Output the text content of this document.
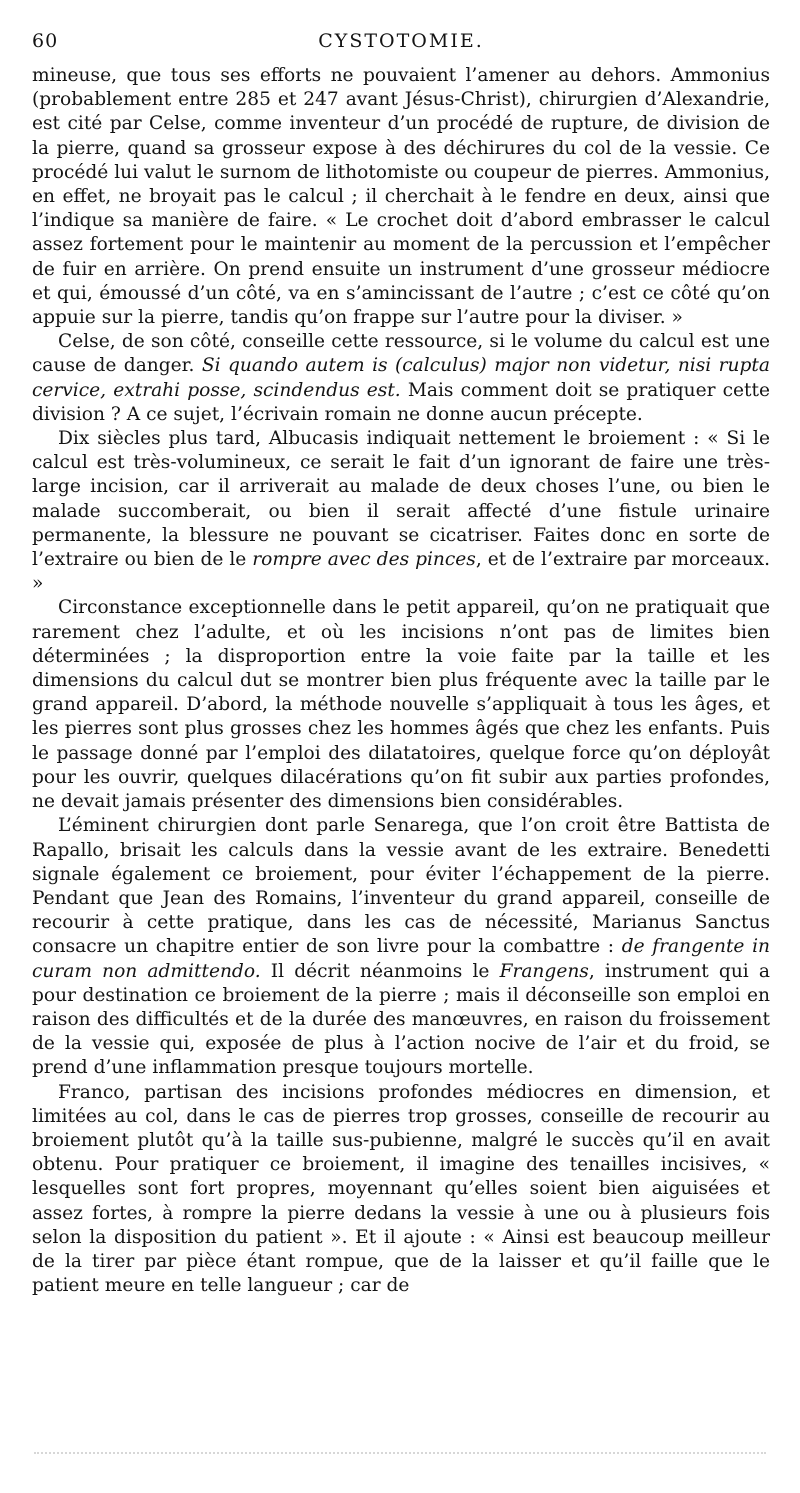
60	CYSTOTOMIE.

mineuse, que tous ses efforts ne pouvaient l’amener au dehors. Ammonius (probablement entre 285 et 247 avant Jésus-Christ), chirurgien d’Alexandrie, est cité par Celse, comme inventeur d’un procédé de rupture, de division de la pierre, quand sa grosseur expose à des déchirures du col de la vessie. Ce procédé lui valut le surnom de lithotomiste ou coupeur de pierres. Ammonius, en effet, ne broyait pas le calcul ; il cherchait à le fendre en deux, ainsi que l’indique sa manière de faire. « Le crochet doit d’abord embrasser le calcul assez fortement pour le maintenir au moment de la percussion et l’empêcher de fuir en arrière. On prend ensuite un instrument d’une grosseur médiocre et qui, émoussé d’un côté, va en s’amincissant de l’autre ; c’est ce côté qu’on appuie sur la pierre, tandis qu’on frappe sur l’autre pour la diviser. »

Celse, de son côté, conseille cette ressource, si le volume du calcul est une cause de danger. Si quando autem is (calculus) major non videtur, nisi rupta cervice, extrahi posse, scindendus est. Mais comment doit se pratiquer cette division ? A ce sujet, l’écrivain romain ne donne aucun précepte.

Dix siècles plus tard, Albucasis indiquait nettement le broiement : « Si le calcul est très-volumineux, ce serait le fait d’un ignorant de faire une très-large incision, car il arriverait au malade de deux choses l’une, ou bien le malade succomberait, ou bien il serait affecté d’une fistule urinaire permanente, la blessure ne pouvant se cicatriser. Faites donc en sorte de l’extraire ou bien de le rompre avec des pinces, et de l’extraire par morceaux. »

Circonstance exceptionnelle dans le petit appareil, qu’on ne pratiquait que rarement chez l’adulte, et où les incisions n’ont pas de limites bien déterminées ; la disproportion entre la voie faite par la taille et les dimensions du calcul dut se montrer bien plus fréquente avec la taille par le grand appareil. D’abord, la méthode nouvelle s’appliquait à tous les âges, et les pierres sont plus grosses chez les hommes âgés que chez les enfants. Puis le passage donné par l’emploi des dilatatoires, quelque force qu’on déployât pour les ouvrir, quelques dilacérations qu’on fit subir aux parties profondes, ne devait jamais présenter des dimensions bien considérables.

L’éminent chirurgien dont parle Senarega, que l’on croit être Battista de Rapallo, brisait les calculs dans la vessie avant de les extraire. Benedetti signale également ce broiement, pour éviter l’échappement de la pierre. Pendant que Jean des Romains, l’inventeur du grand appareil, conseille de recourir à cette pratique, dans les cas de nécessité, Marianus Sanctus consacre un chapitre entier de son livre pour la combattre : de frangente in curam non admittendo. Il décrit néanmoins le Frangens, instrument qui a pour destination ce broiement de la pierre ; mais il déconseille son emploi en raison des difficultés et de la durée des manœuvres, en raison du froissement de la vessie qui, exposée de plus à l’action nocive de l’air et du froid, se prend d’une inflammation presque toujours mortelle.

Franco, partisan des incisions profondes médiocres en dimension, et limitées au col, dans le cas de pierres trop grosses, conseille de recourir au broiement plutôt qu’à la taille sus-pubienne, malgré le succès qu’il en avait obtenu. Pour pratiquer ce broiement, il imagine des tenailles incisives, « lesquelles sont fort propres, moyennant qu’elles soient bien aiguisées et assez fortes, à rompre la pierre dedans la vessie à une ou à plusieurs fois selon la disposition du patient ». Et il ajoute : « Ainsi est beaucoup meilleur de la tirer par pièce étant rompue, que de la laisser et qu’il faille que le patient meure en telle langueur ; car de
